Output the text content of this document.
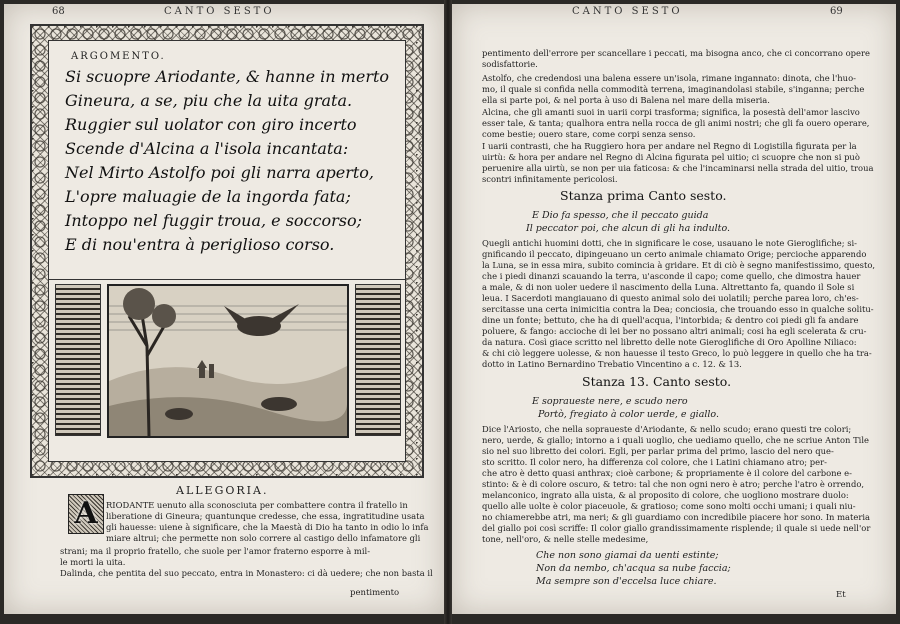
68	CANTO SESTO
ARGOMENTO.
Si scuopre Ariodante, & hanne in merto
Gineura, a se, piu che la uita grata.
Ruggier sul uolator con giro incerto
Scende d'Alcina a l'isola incantata:
Nel Mirto Astolfo poi gli narra aperto,
L'opre maluagie de la ingorda fata;
Intoppo nel fuggir troua, e soccorso;
E di nou'entra à periglioso corso.
ALLEGORIA.
A RIODANTE uenuto alla sconosciuta per combattere contra il fratello in
liberatione di Gineura; quantunque credesse, che essa, ingratitudine usata
gli hauesse: uiene à significare, che la Maestà di Dio ha tanto in odio lo infa
miare altrui; che permette non solo correre al castigo dello infamatore gli
strani; ma il proprio fratello, che suole per l'amor fraterno esporre à mil-
le morti la uita.
Dalinda, che pentita del suo peccato, entra in Monastero: ci dà uedere; che non basta il
pentimento
CANTO SESTO	69
pentimento dell'errore per scancellare i peccati, ma bisogna anco, che ci concorrano opere
sodisfattorie.
Astolfo, che credendosi una balena essere un'isola, rimane ingannato: dinota, che l'huo-
mo, il quale si confida nella commodità terrena, imaginandolasi stabile, s'inganna; perche
ella si parte poi, & nel porta à uso di Balena nel mare della miseria.
Alcina, che gli amanti suoi in uarii corpi trasforma; significa, la posestà dell'amor lascivo
esser tale, & tanta; qualhora entra nella rocca de gli animi nostri; che gli fa ouero operare,
come bestie; ouero stare, come corpi senza senso.
I uarii contrasti, che ha Ruggiero hora per andare nel Regno di Logistilla figurata per la
uirtù: & hora per andare nel Regno di Alcina figurata pel uitio; ci scuopre che non si può
peruenire alla uirtù, se non per uia faticosa: & che l'incaminarsi nella strada del uitio, troua
scontri infinitamente pericolosi.
Stanza prima Canto sesto.
E Dio fa spesso, che il peccato guida
Il peccator poi, che alcun di gli ha indulto.
Quegli antichi huomini dotti, che in significare le cose, usauano le note Gieroglifiche; si-
gnificando il peccato, dipingeuano un certo animale chiamato Orige; percioche apparendo
la Luna, se in essa mira, subito comincia à gridare. Et di ciò è segno manifestissimo, questo,
che i piedi dinanzi scauando la terra, u'asconde il capo; come quello, che dimostra hauer
a male, & di non uoler uedere il nascimento della Luna. Altrettanto fa, quando il Sole si
leua. I Sacerdoti mangiauano di questo animal solo dei uolatili; perche parea loro, ch'es-
sercitasse una certa inimicitia contra la Dea; conciosia, che trouando esso in qualche solitu-
dine un fonte; bettuto, che ha di quell'acqua, l'intorbida; & dentro coi piedi gli fa andare
poluere, & fango: accioche di lei ber no possano altri animali; cosi ha egli scelerata & cru-
da natura. Così giace scritto nel libretto delle note Gieroglifiche di Oro Apolline Niliaco:
& chi ciò leggere uolesse, & non hauesse il testo Greco, lo può leggere in quello che ha tra-
dotto in Latino Bernardino Trebatio Vincentino a c. 12. & 13.
Stanza 13. Canto sesto.
E sopraueste nere, e scudo nero
Portò, fregiato à color uerde, e giallo.
Dice l'Ariosto, che nella sopraueste d'Ariodante, & nello scudo; erano questi tre colori;
nero, uerde, & giallo; intorno a i quali uoglio, che uediamo quello, che ne scriue Anton Tile
sio nel suo libretto dei colori. Egli, per parlar prima del primo, lascio del nero que-
sto scritto. Il color nero, ha differenza col colore, che i Latini chiamano atro; per-
che atro è detto quasi anthrax; cioè carbone; & propriamente è il colore del carbone e-
stinto: & è di colore oscuro, & tetro: tal che non ogni nero è atro; perche l'atro è orrendo,
melanconico, ingrato alla uista, & al proposito di colore, che uogliono mostrare duolo:
quello alle uolte è color piaceuole, & gratioso; come sono molti occhi umani; i quali niu-
no chiamerebbe atri, ma neri; & gli guardiamo con incredibile piacere hor sono. In materia
del giallo poi così scriffe: Il color giallo grandissimamente risplende; il quale si uede nell'or
tone, nell'oro, & nelle stelle medesime,
Che non sono giamai da uenti estinte;
Non da nembo, ch'acqua sa nube faccia;
Ma sempre son d'eccelsa luce chiare.
Et
